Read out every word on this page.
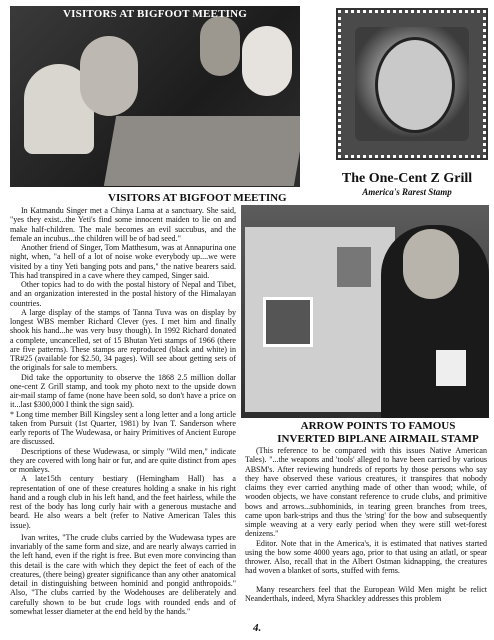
VISITORS AT BIGFOOT MEETING
The One-Cent Z Grill
America's Rarest Stamp
VISITORS AT BIGFOOT MEETING
ARROW POINTS TO FAMOUS
INVERTED BIPLANE AIRMAIL STAMP

In Katmandu Singer met a Chinya Lama at a sanctuary. She said, "yes they exist...the Yeti's find some innocent maiden to lie on and make half-children. The male becomes an evil succubus, and the female an incubus...the children will be of bad seed."

Another friend of Singer, Tom Matthesum, was at Annapurina one night, when, "a hell of a lot of noise woke everybody up....we were visited by a tiny Yeti banging pots and pans," the native bearers said. This had transpired in a cave where they camped, Singer said.

Other topics had to do with the postal history of Nepal and Tibet, and an organization interested in the postal history of the Himalayan countries.

A large display of the stamps of Tanna Tuva was on display by longest WBS member Richard Clever (yes. I met him and finally shook his hand...he was very busy though). In 1992 Richard donated a complete, uncancelled, set of 15 Bhutan Yeti stamps of 1966 (there are five patterns). These stamps are reproduced (black and white) in TR#25 (available for $2.50, 34 pages). Will see about getting sets of the originals for sale to members.

Did take the opportunity to observe the 1868 2.5 million dollar one-cent Z Grill stamp, and took my photo next to the upside down air-mail stamp of fame (none have been sold, so don't have a price on it...last $300,000 I think the sign said).

* Long time member Bill Kingsley sent a long letter and a long article taken from Pursuit (1st Quarter, 1981) by Ivan T. Sanderson where early reports of The Wudewasa, or hairy Primitives of Ancient Europe are discussed.

Descriptions of these Wudewasa, or simply "Wild men," indicate they are covered with long hair or fur, and are quite distinct from apes or monkeys.

A late15th century bestiary (Hemingham Hall) has a representation of one of these creatures holding a snake in his right hand and a rough club in his left hand, and the feet hairless, while the rest of the body has long curly hair with a generous mustache and beard. He also wears a belt (refer to Native American Tales this issue).

Ivan writes, "The crude clubs carried by the Wudewasa types are invariably of the same form and size, and are nearly always carried in the left hand, even if the right is free. But even more convincing than this detail is the care with which they depict the feet of each of the creatures, (there being) greater significance than any other anatomical detail in distinguishing between hominid and pongid anthropoids." Also, "The clubs carried by the Wodehouses are deliberately and carefully shown to be but crude logs with rounded ends and of somewhat lesser diameter at the end held by the hands."

(This reference to be compared with this issues Native American Tales). "...the weapons and 'tools' alleged to have been carried by various ABSM's. After reviewing hundreds of reports by those persons who say they have observed these various creatures, it transpires that nobody claims they ever carried anything made of other than wood; while, of wooden objects, we have constant reference to crude clubs, and primitive bows and arrows...subhominids, in tearing green branches from trees, came upon bark-strips and thus the 'string' for the bow and subsequently simple weaving at a very early period when they were still wet-forest denizens."

Editor. Note that in the America's, it is estimated that natives started using the bow some 4000 years ago, prior to that using an atlatl, or spear thrower. Also, recall that in the Albert Ostman kidnapping, the creatures had woven a blanket of sorts, stuffed with ferns.

Many researchers feel that the European Wild Men might be relict Neanderthals, indeed, Myra Shackley addresses this problem

4.
